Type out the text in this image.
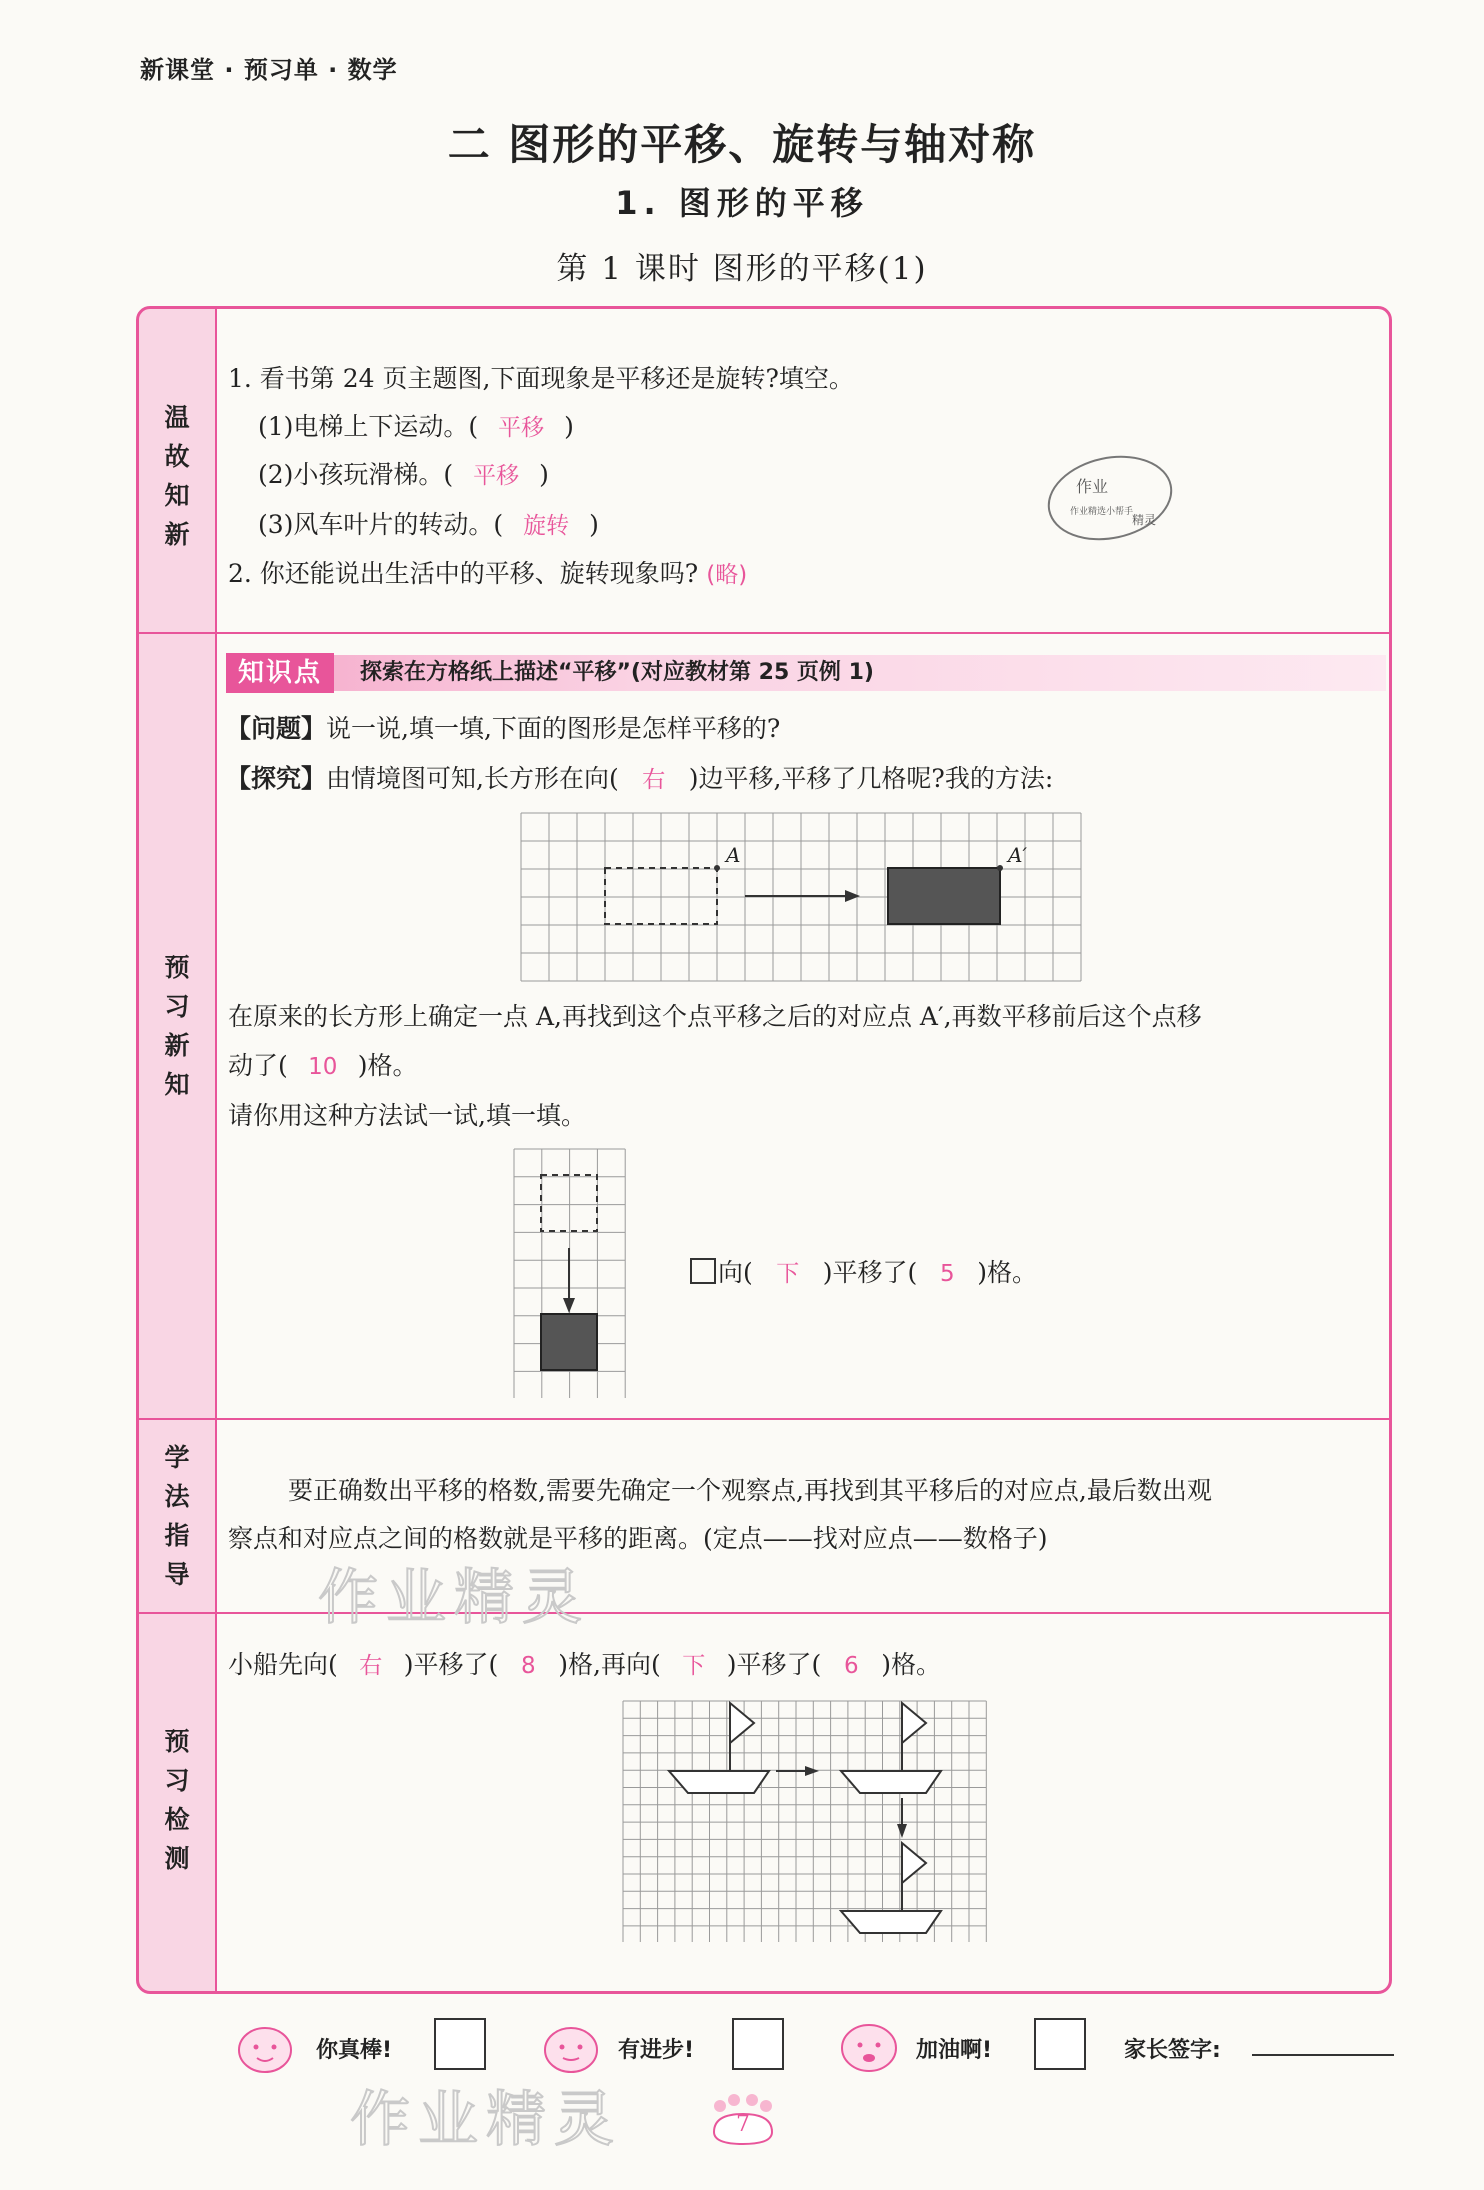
新课堂 · 预习单 · 数学
二 图形的平移、旋转与轴对称
1. 图形的平移
第 1 课时 图形的平移(1)
温
故
知
新
预
习
新
知
学
法
指
导
预
习
检
测
1. 看书第 24 页主题图,下面现象是平移还是旋转?填空。
(1)电梯上下运动。( 平移 )
(2)小孩玩滑梯。( 平移 )
(3)风车叶片的转动。( 旋转 )
2. 你还能说出生活中的平移、旋转现象吗? (略)
作业
作业精选小帮手
精灵
知识点	探索在方格纸上描述“平移”(对应教材第 25 页例 1)
【问题】说一说,填一填,下面的图形是怎样平移的?
【探究】由情境图可知,长方形在向( 右 )边平移,平移了几格呢?我的方法:
A	A′
在原来的长方形上确定一点 A,再找到这个点平移之后的对应点 A′,再数平移前后这个点移
动了( 10 )格。
请你用这种方法试一试,填一填。
向( 下 )平移了( 5 )格。
要正确数出平移的格数,需要先确定一个观察点,再找到其平移后的对应点,最后数出观
察点和对应点之间的格数就是平移的距离。(定点——找对应点——数格子)
小船先向( 右 )平移了( 8 )格,再向( 下 )平移了( 6 )格。
作业精灵
作业精灵
你真棒!	有进步!	加油啊!	家长签字:
7
